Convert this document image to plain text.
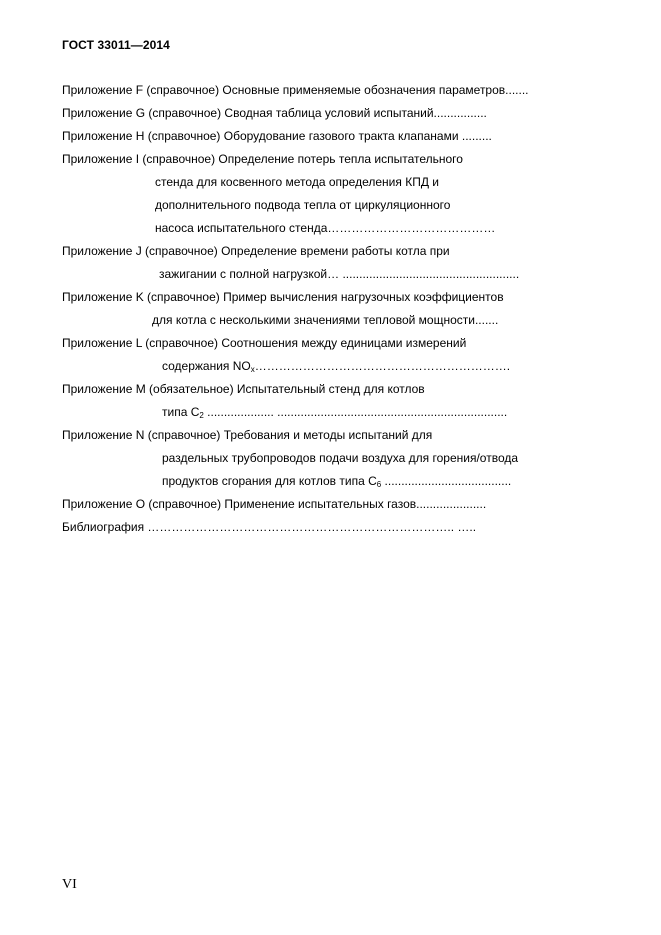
ГОСТ 33011—2014
Приложение F (справочное) Основные применяемые обозначения параметров.......
Приложение G (справочное) Сводная таблица условий испытаний................
Приложение H (справочное) Оборудование газового тракта клапанами .........
Приложение I (справочное) Определение потерь тепла испытательного
стенда для косвенного метода определения КПД и
дополнительного подвода тепла от циркуляционного
насоса испытательного стенда……………………………………
Приложение J (справочное) Определение времени работы котла при
зажигании с полной нагрузкой… .....................................................
Приложение K (справочное) Пример вычисления нагрузочных коэффициентов
для котла с несколькими значениями тепловой мощности.......
Приложение L (справочное) Соотношения между единицами измерений
содержания $NO_x\dots\dots\dots\dots\dots\dots\dots\dots\dots\dots\dots\dots\dots\dots\dots\dots\dots\dots\dots\dots\dots$.
Приложение M (обязательное) Испытательный стенд для котлов
типа $C_2$ .................... .....................................................................
Приложение N (справочное) Требования и методы испытаний для
раздельных трубопроводов подачи воздуха для горения/отвода
продуктов сгорания для котлов типа $C_6$ ......................................
Приложение O (справочное) Применение испытательных газов.....................
Библиография ………………………………………………………………….. …..
VI
